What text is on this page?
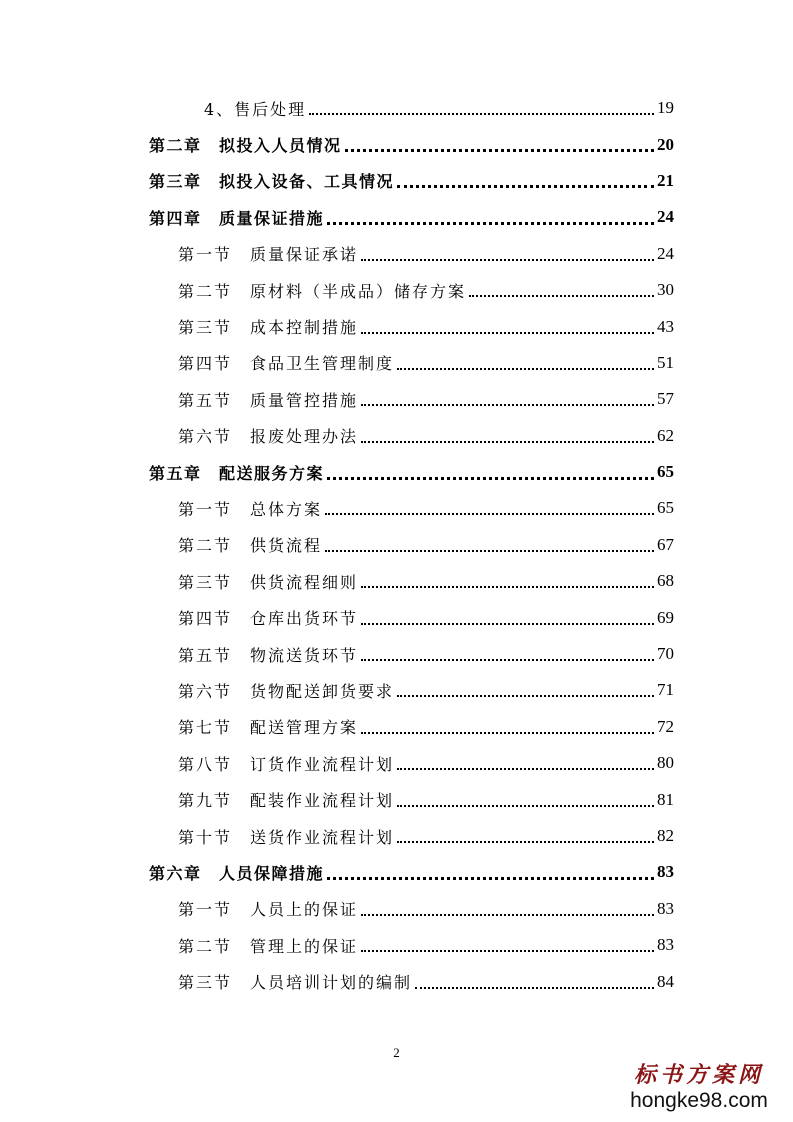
4、售后处理	19
第二章　拟投入人员情况	20
第三章　拟投入设备、工具情况	21
第四章　质量保证措施	24
第一节　质量保证承诺	24
第二节　原材料（半成品）储存方案	30
第三节　成本控制措施	43
第四节　食品卫生管理制度	51
第五节　质量管控措施	57
第六节　报废处理办法	62
第五章　配送服务方案	65
第一节　总体方案	65
第二节　供货流程	67
第三节　供货流程细则	68
第四节　仓库出货环节	69
第五节　物流送货环节	70
第六节　货物配送卸货要求	71
第七节　配送管理方案	72
第八节　订货作业流程计划	80
第九节　配装作业流程计划	81
第十节　送货作业流程计划	82
第六章　人员保障措施	83
第一节　人员上的保证	83
第二节　管理上的保证	83
第三节　人员培训计划的编制	84
2
标书方案网
hongke98.com
